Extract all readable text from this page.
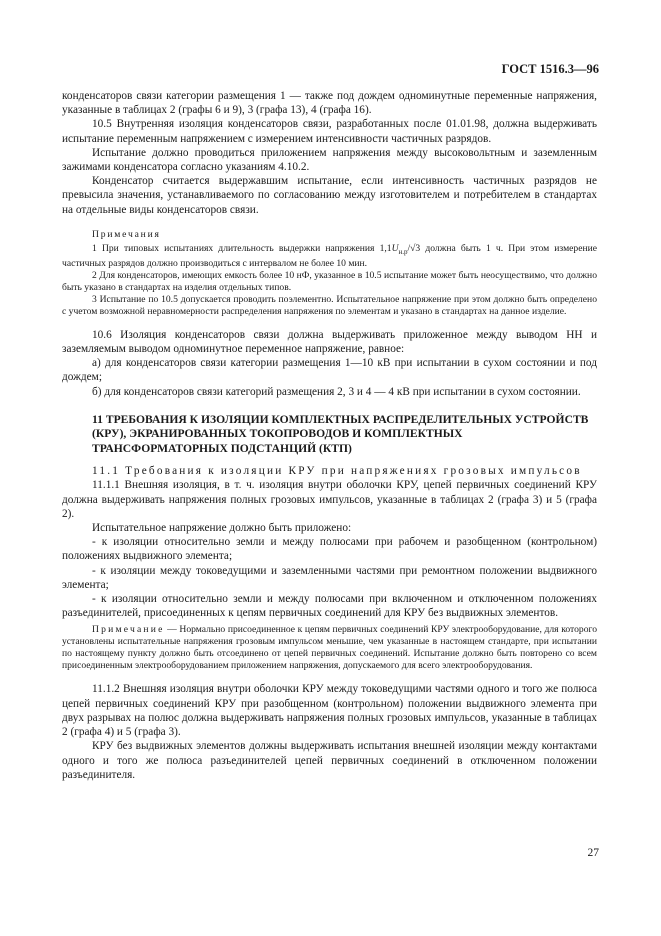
ГОСТ 1516.3—96

конденсаторов связи категории размещения 1 — также под дождем одноминутные переменные напряжения, указанные в таблицах 2 (графы 6 и 9), 3 (графа 13), 4 (графа 16).

10.5 Внутренняя изоляция конденсаторов связи, разработанных после 01.01.98, должна выдерживать испытание переменным напряжением с измерением интенсивности частичных разрядов.

Испытание должно проводиться приложением напряжения между высоковольтным и заземленным зажимами конденсатора согласно указаниям 4.10.2.

Конденсатор считается выдержавшим испытание, если интенсивность частичных разрядов не превысила значения, устанавливаемого по согласованию между изготовителем и потребителем в стандартах на отдельные виды конденсаторов связи.

Примечания

1 При типовых испытаниях длительность выдержки напряжения $1,1U_{н.р}/√3$ должна быть 1 ч. При этом измерение частичных разрядов должно производиться с интервалом не более 10 мин.

2 Для конденсаторов, имеющих емкость более 10 нФ, указанное в 10.5 испытание может быть неосуществимо, что должно быть указано в стандартах на изделия отдельных типов.

3 Испытание по 10.5 допускается проводить поэлементно. Испытательное напряжение при этом должно быть определено с учетом возможной неравномерности распределения напряжения по элементам и указано в стандартах на данное изделие.

10.6 Изоляция конденсаторов связи должна выдерживать приложенное между выводом НН и заземляемым выводом одноминутное переменное напряжение, равное:

а) для конденсаторов связи категории размещения 1—10 кВ при испытании в сухом состоянии и под дождем;

б) для конденсаторов связи категорий размещения 2, 3 и 4 — 4 кВ при испытании в сухом состоянии.

11 ТРЕБОВАНИЯ К ИЗОЛЯЦИИ КОМПЛЕКТНЫХ РАСПРЕДЕЛИТЕЛЬНЫХ УСТРОЙСТВ (КРУ), ЭКРАНИРОВАННЫХ ТОКОПРОВОДОВ И КОМПЛЕКТНЫХ ТРАНСФОРМАТОРНЫХ ПОДСТАНЦИЙ (КТП)

11.1 Требования к изоляции КРУ при напряжениях грозовых импульсов

11.1.1 Внешняя изоляция, в т. ч. изоляция внутри оболочки КРУ, цепей первичных соединений КРУ должна выдерживать напряжения полных грозовых импульсов, указанные в таблицах 2 (графа 3) и 5 (графа 2).

Испытательное напряжение должно быть приложено:

- к изоляции относительно земли и между полюсами при рабочем и разобщенном (контрольном) положениях выдвижного элемента;

- к изоляции между токоведущими и заземленными частями при ремонтном положении выдвижного элемента;

- к изоляции относительно земли и между полюсами при включенном и отключенном положениях разъединителей, присоединенных к цепям первичных соединений для КРУ без выдвижных элементов.

Примечание — Нормально присоединенное к цепям первичных соединений КРУ электрооборудование, для которого установлены испытательные напряжения грозовым импульсом меньшие, чем указанные в настоящем стандарте, при испытании по настоящему пункту должно быть отсоединено от цепей первичных соединений. Испытание должно быть повторено со всем присоединенным электрооборудованием приложением напряжения, допускаемого для всего электрооборудования.

11.1.2 Внешняя изоляция внутри оболочки КРУ между токоведущими частями одного и того же полюса цепей первичных соединений КРУ при разобщенном (контрольном) положении выдвижного элемента при двух разрывах на полюс должна выдерживать напряжения полных грозовых импульсов, указанные в таблицах 2 (графа 4) и 5 (графа 3).

КРУ без выдвижных элементов должны выдерживать испытания внешней изоляции между контактами одного и того же полюса разъединителей цепей первичных соединений в отключенном положении разъединителя.

27
